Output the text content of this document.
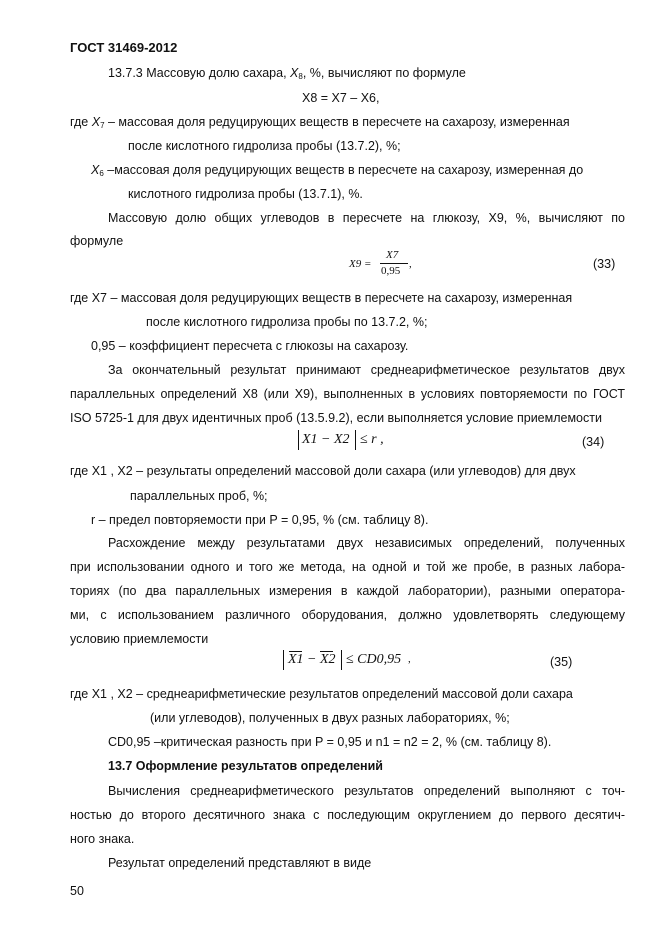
ГОСТ 31469-2012
13.7.3 Массовую долю сахара, $X_8$, %, вычисляют по формуле
X8 = X7 – X6,
где $X_7$ – массовая доля редуцирующих веществ в пересчете на сахарозу, измеренная
после кислотного гидролиза пробы (13.7.2), %;
$X_6$ –массовая доля редуцирующих веществ в пересчете на сахарозу, измеренная до
кислотного гидролиза пробы (13.7.1), %.
Массовую долю общих углеводов в пересчете на глюкозу, X9, %, вычисляют по
формуле
X9 =
X7
0,95
,	(33)
где X7 – массовая доля редуцирующих веществ в пересчете на сахарозу, измеренная
после кислотного гидролиза пробы по 13.7.2, %;
0,95 – коэффициент пересчета с глюкозы на сахарозу.
За окончательный результат принимают среднеарифметическое результатов двух
параллельных определений X8 (или X9), выполненных в условиях повторяемости по ГОСТ
ISO 5725-1 для двух идентичных проб (13.5.9.2), если выполняется условие приемлемости
X1 − X2 ≤ r ,	(34)
где X1 , X2 – результаты определений массовой доли сахара (или углеводов) для двух
параллельных проб, %;
r – предел повторяемости при P = 0,95, % (см. таблицу 8).
Расхождение между результатами двух независимых определений, полученных
при использовании одного и того же метода, на одной и той же пробе, в разных лабора-
ториях (по два параллельных измерения в каждой лаборатории), разными оператора-
ми, с использованием различного оборудования, должно удовлетворять следующему
условию приемлемости
X1 − X2 ≤ CD0,95 ,	(35)
где X1 , X2 – среднеарифметические результатов определений массовой доли сахара
(или углеводов), полученных в двух разных лабораториях, %;
CD0,95 –критическая разность при P = 0,95 и n1 = n2 = 2, % (см. таблицу 8).
13.7 Оформление результатов определений
Вычисления среднеарифметического результатов определений выполняют с точ-
ностью до второго десятичного знака с последующим округлением до первого десятич-
ного знака.
Результат определений представляют в виде
50
